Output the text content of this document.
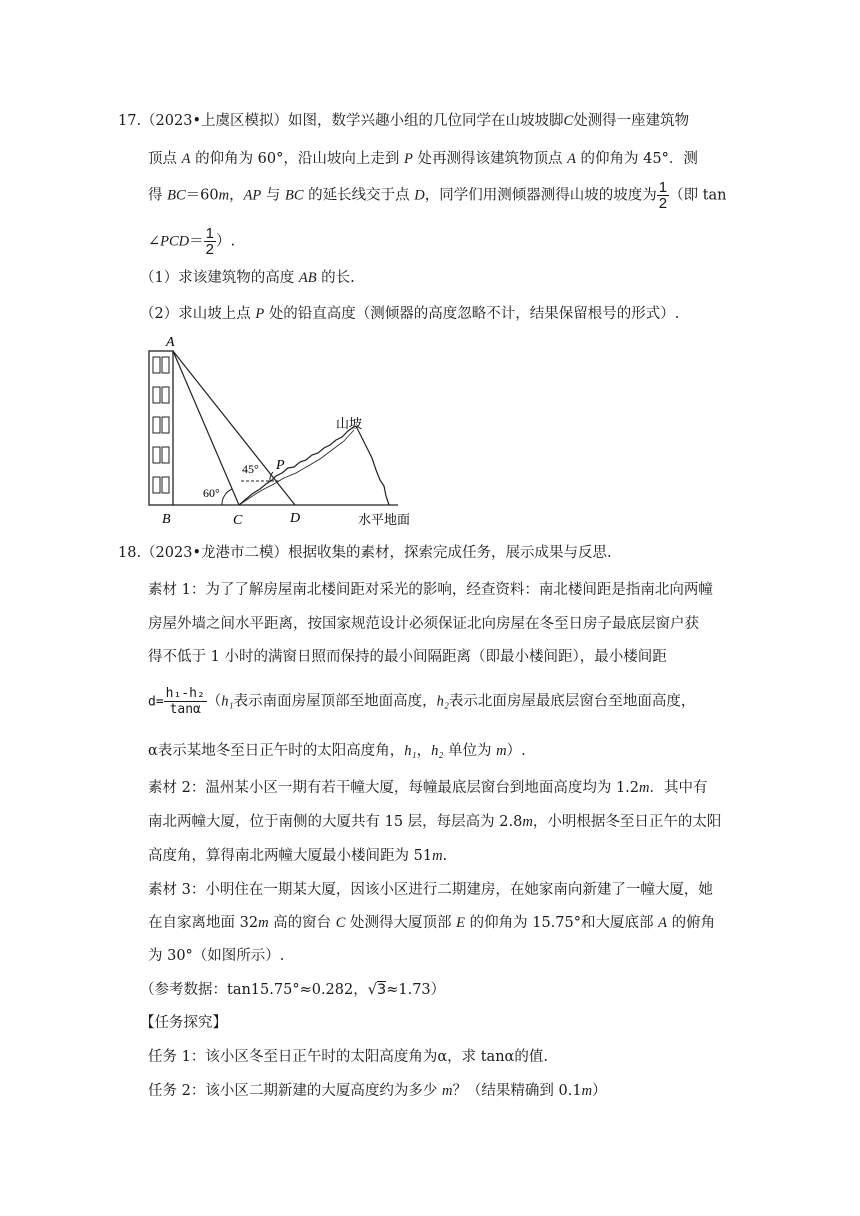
17.（2023•上虞区模拟）如图，数学兴趣小组的几位同学在山坡坡脚C处测得一座建筑物
顶点 A 的仰角为 60°，沿山坡向上走到 P 处再测得该建筑物顶点 A 的仰角为 45°．测
得 BC＝60m，AP 与 BC 的延长线交于点 D，同学们用测倾器测得山坡的坡度为 $\frac{1}{2}$ （即 tan
∠PCD＝ $\frac{1}{2}$ ）.
（1）求该建筑物的高度 AB 的长.
（2）求山坡上点 P 处的铅直高度（测倾器的高度忽略不计，结果保留根号的形式）.
A
B	C	D
P
60°
45°
山坡
水平地面
18.（2023•龙港市二模）根据收集的素材，探索完成任务，展示成果与反思.
素材 1：为了了解房屋南北楼间距对采光的影响，经查资料：南北楼间距是指南北向两幢
房屋外墙之间水平距离，按国家规范设计必须保证北向房屋在冬至日房子最底层窗户获
得不低于 1 小时的满窗日照而保持的最小间隔距离（即最小楼间距），最小楼间距
$d= \frac{\text{h₁-h₂}}{\tan\alpha} (h_1$表示南面房屋顶部至地面高度，h₂表示北面房屋最底层窗台至地面高度，
α表示某地冬至日正午时的太阳高度角，h₁，h₂ 单位为 m）.
素材 2：温州某小区一期有若干幢大厦，每幢最底层窗台到地面高度均为 1.2m．其中有
南北两幢大厦，位于南侧的大厦共有 15 层，每层高为 2.8m，小明根据冬至日正午的太阳
高度角，算得南北两幢大厦最小楼间距为 51m.
素材 3：小明住在一期某大厦，因该小区进行二期建房，在她家南向新建了一幢大厦，她
在自家离地面 32m 高的窗台 C 处测得大厦顶部 E 的仰角为 15.75°和大厦底部 A 的俯角
为 30°（如图所示）.
（参考数据：tan15.75°≈0.282，√3≈1.73）
【任务探究】
任务 1：该小区冬至日正午时的太阳高度角为α，求 tanα的值.
任务 2：该小区二期新建的大厦高度约为多少 m？（结果精确到 0.1m）
